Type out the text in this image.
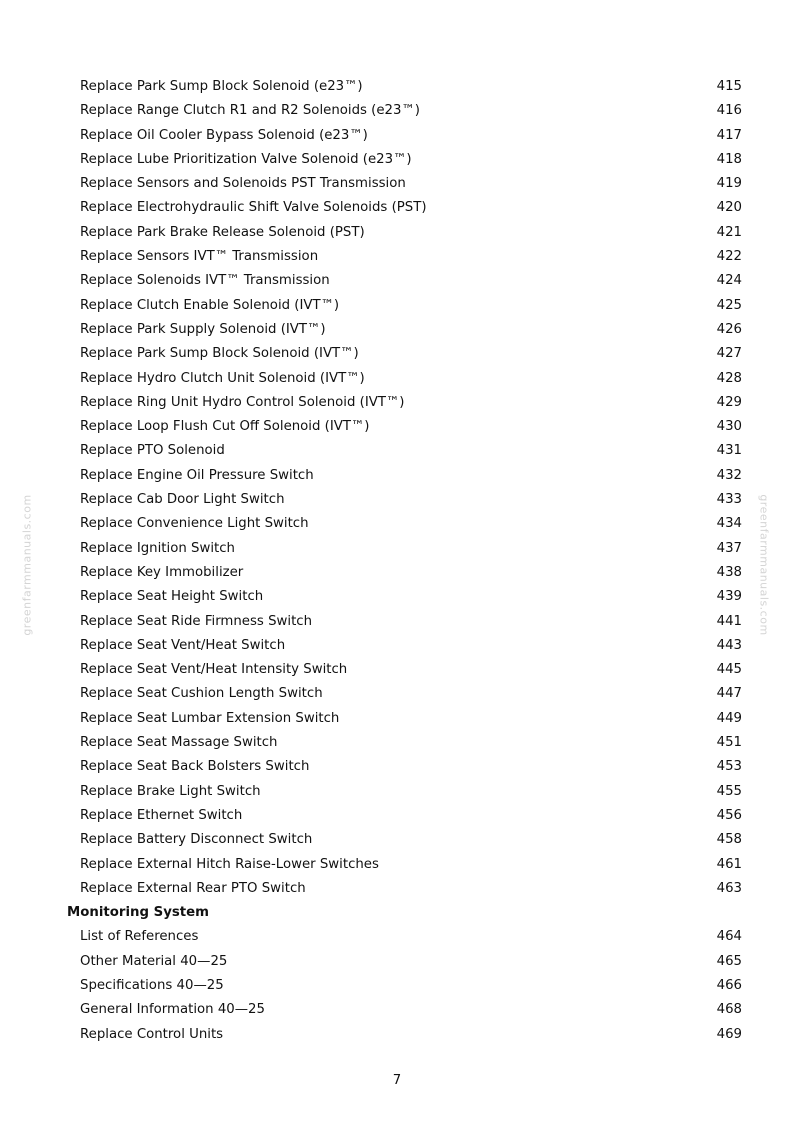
greenfarmmanuals.com	greenfarmmanuals.com
Replace Park Sump Block Solenoid (e23™)	415
Replace Range Clutch R1 and R2 Solenoids (e23™)	416
Replace Oil Cooler Bypass Solenoid (e23™)	417
Replace Lube Prioritization Valve Solenoid (e23™)	418
Replace Sensors and Solenoids PST Transmission	419
Replace Electrohydraulic Shift Valve Solenoids (PST)	420
Replace Park Brake Release Solenoid (PST)	421
Replace Sensors IVT™ Transmission	422
Replace Solenoids IVT™ Transmission	424
Replace Clutch Enable Solenoid (IVT™)	425
Replace Park Supply Solenoid (IVT™)	426
Replace Park Sump Block Solenoid (IVT™)	427
Replace Hydro Clutch Unit Solenoid (IVT™)	428
Replace Ring Unit Hydro Control Solenoid (IVT™)	429
Replace Loop Flush Cut Off Solenoid (IVT™)	430
Replace PTO Solenoid	431
Replace Engine Oil Pressure Switch	432
Replace Cab Door Light Switch	433
Replace Convenience Light Switch	434
Replace Ignition Switch	437
Replace Key Immobilizer	438
Replace Seat Height Switch	439
Replace Seat Ride Firmness Switch	441
Replace Seat Vent/Heat Switch	443
Replace Seat Vent/Heat Intensity Switch	445
Replace Seat Cushion Length Switch	447
Replace Seat Lumbar Extension Switch	449
Replace Seat Massage Switch	451
Replace Seat Back Bolsters Switch	453
Replace Brake Light Switch	455
Replace Ethernet Switch	456
Replace Battery Disconnect Switch	458
Replace External Hitch Raise-Lower Switches	461
Replace External Rear PTO Switch	463
Monitoring System
List of References	464
Other Material 40—25	465
Specifications 40—25	466
General Information 40—25	468
Replace Control Units	469
7
